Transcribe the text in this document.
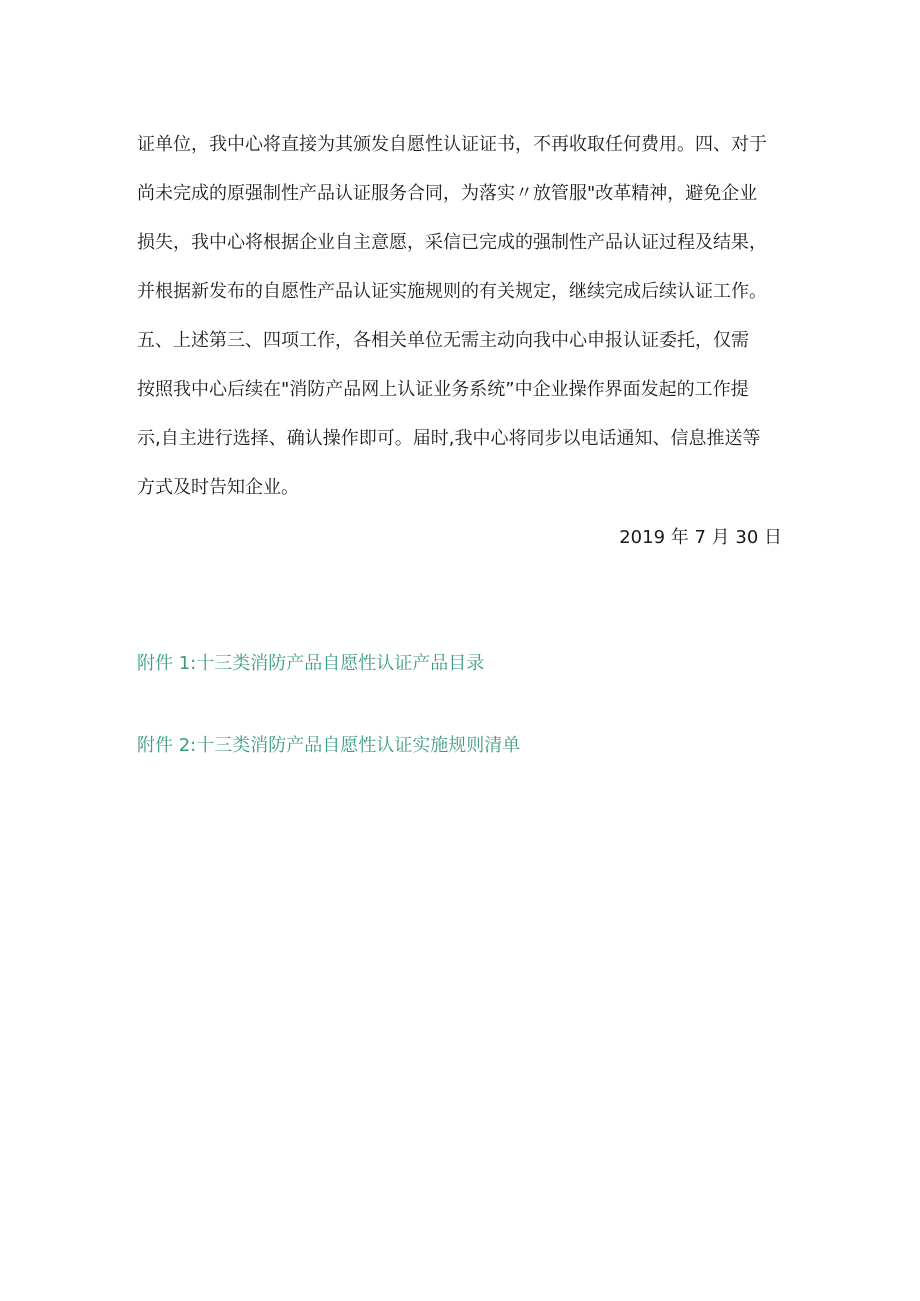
证单位，我中心将直接为其颁发自愿性认证证书，不再收取任何费用。四、对于
尚未完成的原强制性产品认证服务合同，为落实〃放管服"改革精神，避免企业
损失，我中心将根据企业自主意愿，采信已完成的强制性产品认证过程及结果，
并根据新发布的自愿性产品认证实施规则的有关规定，继续完成后续认证工作。
五、上述第三、四项工作，各相关单位无需主动向我中心申报认证委托，仅需
按照我中心后续在"消防产品网上认证业务系统”中企业操作界面发起的工作提
示,自主进行选择、确认操作即可。届时,我中心将同步以电话通知、信息推送等
方式及时告知企业。
2019 年 7 月 30 日
附件 1:十三类消防产品自愿性认证产品目录
附件 2:十三类消防产品自愿性认证实施规则清单
